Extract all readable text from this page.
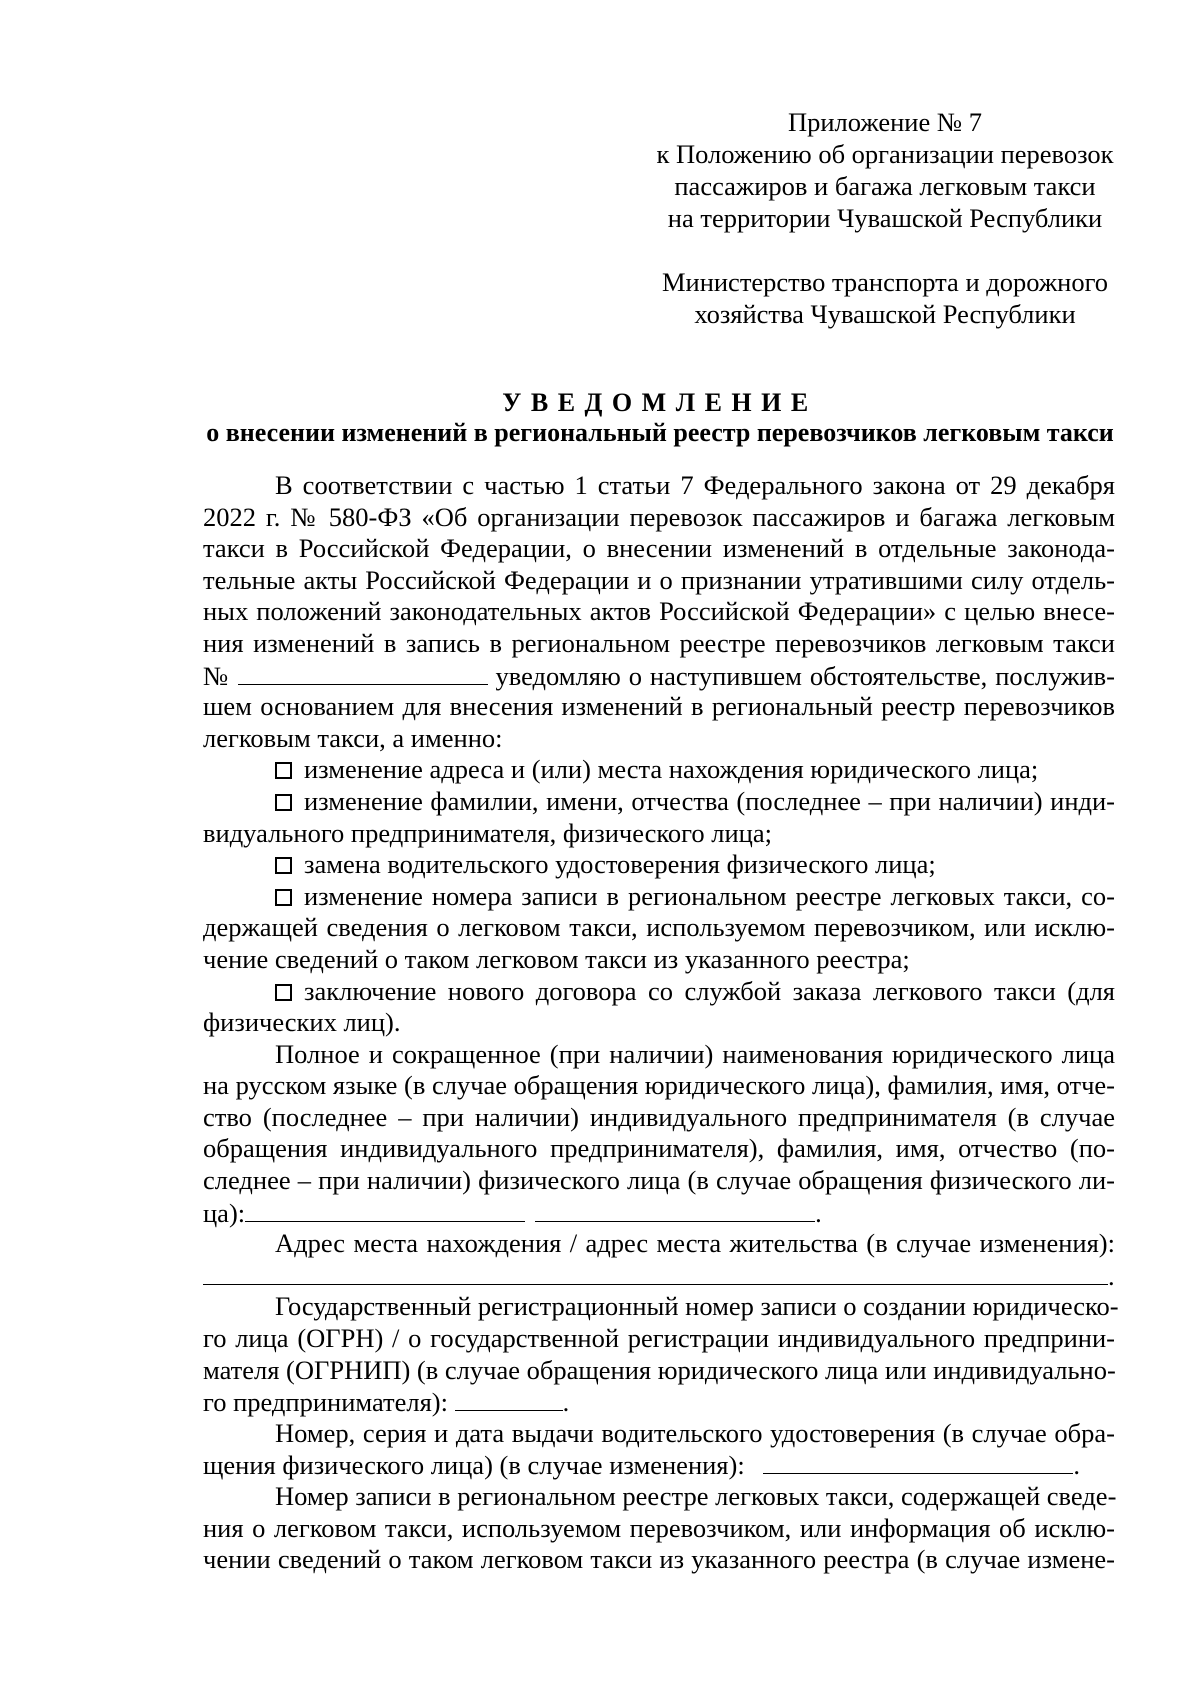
Приложение № 7
к Положению об организации перевозок
пассажиров и багажа легковым такси
на территории Чувашской Республики
Министерство транспорта и дорожного
хозяйства Чувашской Республики
УВЕДОМЛЕНИЕ
о внесении изменений в региональный реестр перевозчиков легковым такси
В соответствии с частью 1 статьи 7 Федерального закона от 29 декабря
2022 г. № 580-ФЗ «Об организации перевозок пассажиров и багажа легковым
такси в Российской Федерации, о внесении изменений в отдельные законода-
тельные акты Российской Федерации и о признании утратившими силу отдель-
ных положений законодательных актов Российской Федерации» с целью внесе-
ния изменений в запись в региональном реестре перевозчиков легковым такси
№	уведомляю о наступившем обстоятельстве, послужив-
шем основанием для внесения изменений в региональный реестр перевозчиков
легковым такси, а именно:
изменение адреса и (или) места нахождения юридического лица;
изменение фамилии, имени, отчества (последнее – при наличии) инди-
видуального предпринимателя, физического лица;
замена водительского удостоверения физического лица;
изменение номера записи в региональном реестре легковых такси, со-
держащей сведения о легковом такси, используемом перевозчиком, или исклю-
чение сведений о таком легковом такси из указанного реестра;
заключение нового договора со службой заказа легкового такси (для
физических лиц).
Полное и сокращенное (при наличии) наименования юридического лица
на русском языке (в случае обращения юридического лица), фамилия, имя, отче-
ство (последнее – при наличии) индивидуального предпринимателя (в случае
обращения индивидуального предпринимателя), фамилия, имя, отчество (по-
следнее – при наличии) физического лица (в случае обращения физического ли-
ца):	.
Адрес места нахождения / адрес места жительства (в случае изменения):
.
Государственный регистрационный номер записи о создании юридическо-
го лица (ОГРН) / о государственной регистрации индивидуального предприни-
мателя (ОГРНИП) (в случае обращения юридического лица или индивидуально-
го предпринимателя):	.
Номер, серия и дата выдачи водительского удостоверения (в случае обра-
щения физического лица) (в случае изменения):	.
Номер записи в региональном реестре легковых такси, содержащей сведе-
ния о легковом такси, используемом перевозчиком, или информация об исклю-
чении сведений о таком легковом такси из указанного реестра (в случае измене-
